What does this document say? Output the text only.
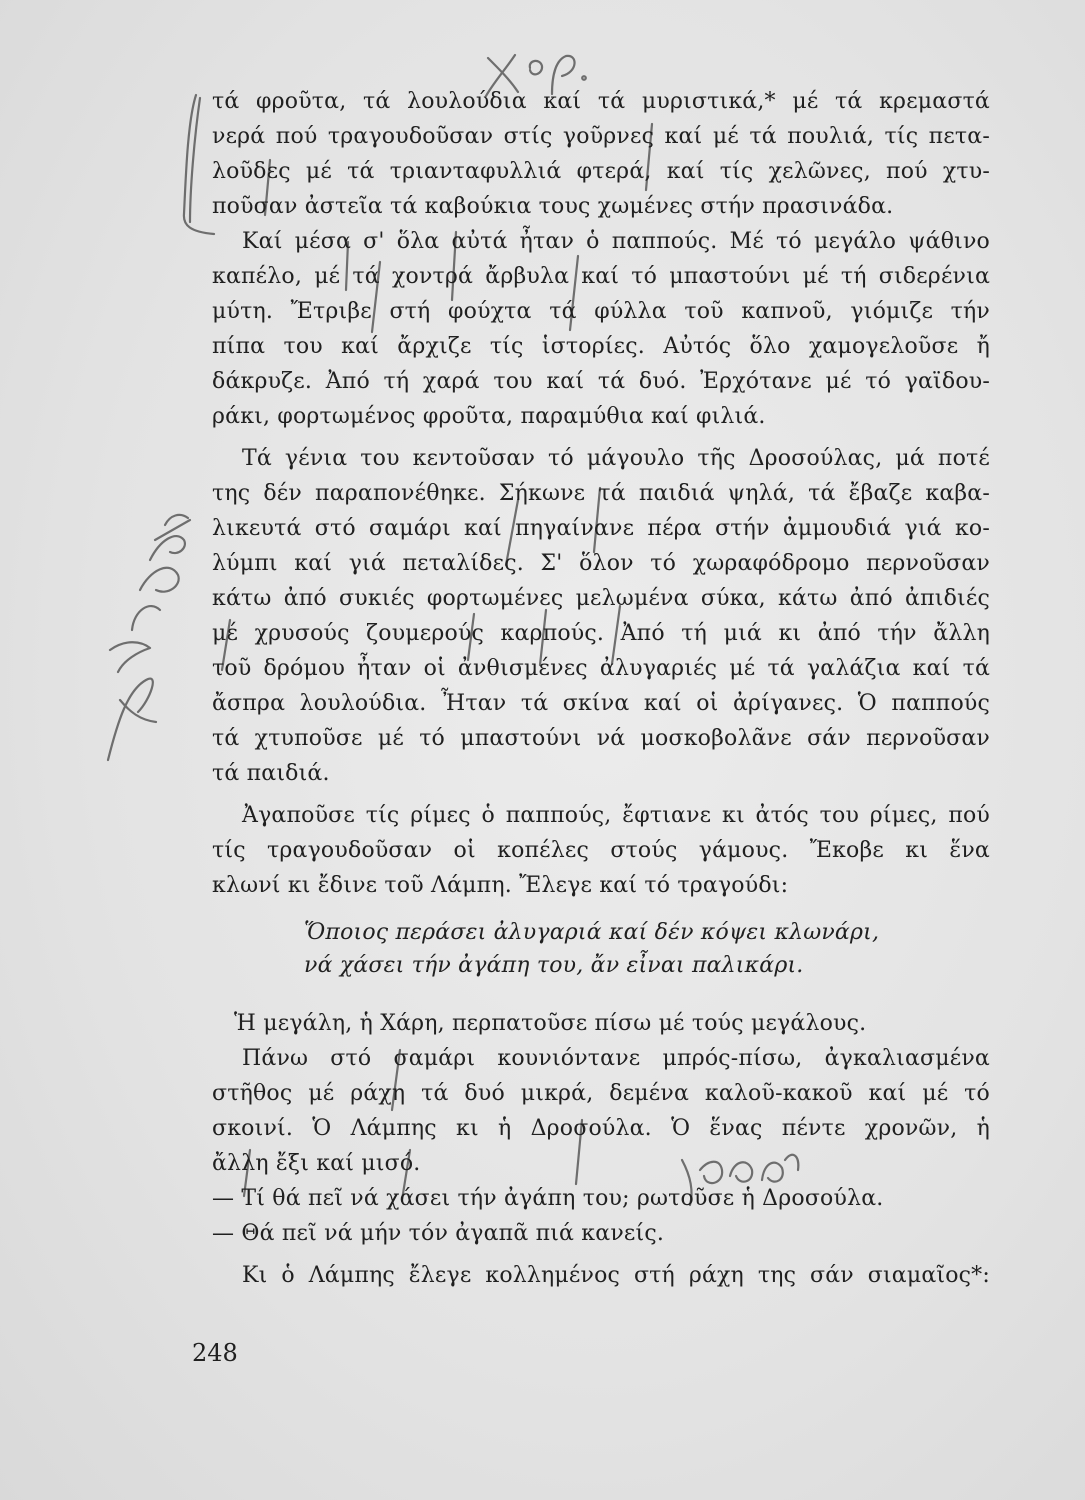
τά φροῦτα, τά λουλούδια καί τά μυριστικά,* μέ τά κρεμαστά
νερά πού τραγουδοῦσαν στίς γοῦρνες καί μέ τά πουλιά, τίς πετα-
λοῦδες μέ τά τριανταφυλλιά φτερά, καί τίς χελῶνες, πού χτυ-
ποῦσαν ἀστεῖα τά καβούκια τους χωμένες στήν πρασινάδα.
Καί μέσα σ' ὅλα αὐτά ἦταν ὁ παππούς. Μέ τό μεγάλο ψάθινο
καπέλο, μέ τά χοντρά ἄρβυλα καί τό μπαστούνι μέ τή σιδερένια
μύτη. Ἔτριβε στή φούχτα τά φύλλα τοῦ καπνοῦ, γιόμιζε τήν
πίπα του καί ἄρχιζε τίς ἱστορίες. Αὐτός ὅλο χαμογελοῦσε ἤ
δάκρυζε. Ἀπό τή χαρά του καί τά δυό. Ἐρχότανε μέ τό γαϊδου-
ράκι, φορτωμένος φροῦτα, παραμύθια καί φιλιά.
Τά γένια του κεντοῦσαν τό μάγουλο τῆς Δροσούλας, μά ποτέ
της δέν παραπονέθηκε. Σήκωνε τά παιδιά ψηλά, τά ἔβαζε καβα-
λικευτά στό σαμάρι καί πηγαίνανε πέρα στήν ἀμμουδιά γιά κο-
λύμπι καί γιά πεταλίδες. Σ' ὅλον τό χωραφόδρομο περνοῦσαν
κάτω ἀπό συκιές φορτωμένες μελωμένα σύκα, κάτω ἀπό ἀπιδιές
μέ χρυσούς ζουμερούς καρπούς. Ἀπό τή μιά κι ἀπό τήν ἄλλη
τοῦ δρόμου ἦταν οἱ ἀνθισμένες ἀλυγαριές μέ τά γαλάζια καί τά
ἄσπρα λουλούδια. Ἦταν τά σκίνα καί οἱ ἀρίγανες. Ὁ παππούς
τά χτυποῦσε μέ τό μπαστούνι νά μοσκοβολᾶνε σάν περνοῦσαν
τά παιδιά.
Ἀγαποῦσε τίς ρίμες ὁ παππούς, ἔφτιανε κι ἀτός του ρίμες, πού
τίς τραγουδοῦσαν οἱ κοπέλες στούς γάμους. Ἔκοβε κι ἕνα
κλωνί κι ἔδινε τοῦ Λάμπη. Ἔλεγε καί τό τραγούδι:
Ὅποιος περάσει ἀλυγαριά καί δέν κόψει κλωνάρι,
νά χάσει τήν ἀγάπη του, ἄν εἶναι παλικάρι.
Ἡ μεγάλη, ἡ Χάρη, περπατοῦσε πίσω μέ τούς μεγάλους.
Πάνω στό σαμάρι κουνιόντανε μπρός-πίσω, ἀγκαλιασμένα
στῆθος μέ ράχη τά δυό μικρά, δεμένα καλοῦ-κακοῦ καί μέ τό
σκοινί. Ὁ Λάμπης κι ἡ Δροσούλα. Ὁ ἕνας πέντε χρονῶν, ἡ
ἄλλη ἔξι καί μισό.
— Τί θά πεῖ νά χάσει τήν ἀγάπη του; ρωτοῦσε ἡ Δροσούλα.
— Θά πεῖ νά μήν τόν ἀγαπᾶ πιά κανείς.
Κι ὁ Λάμπης ἔλεγε κολλημένος στή ράχη της σάν σιαμαῖος*:
248
